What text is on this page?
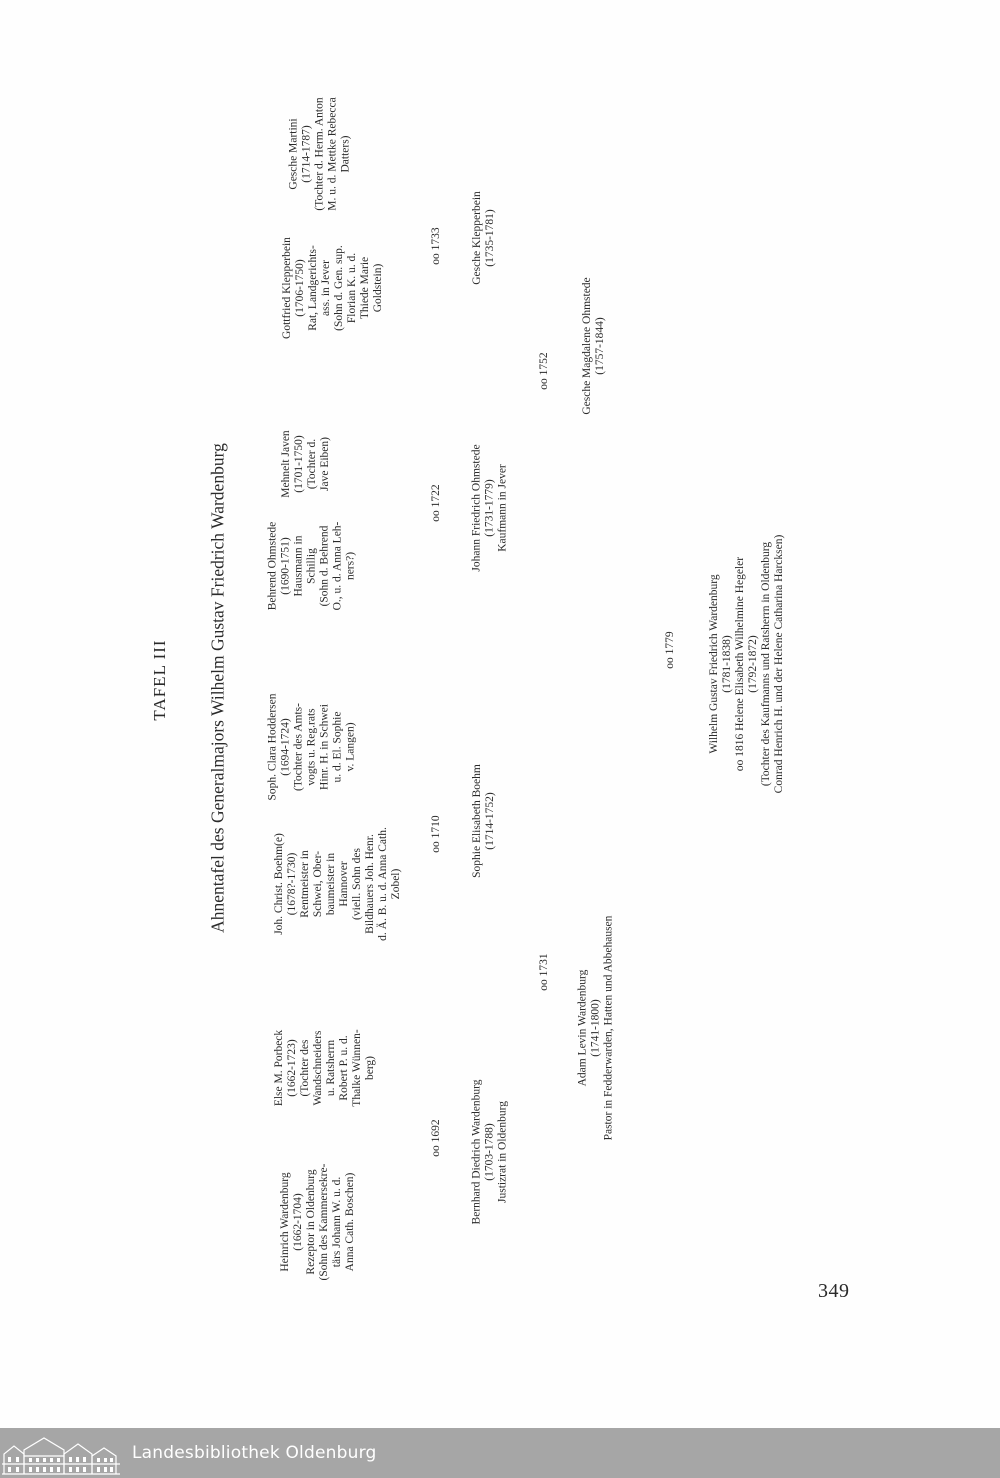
TAFEL III Ahnentafel des Generalmajors Wilhelm Gustav Friedrich Wardenburg
Heinrich Wardenburg (1662-1704) Rezeptor in Oldenburg (Sohn des Kammersekre- tärs Johann W. u. d. Anna Cath. Boschen)
Else M. Porbeck (1662-1723) (Tochter des Wandschneiders u. Ratsherrn Robert P. u. d. Thalke Wünnen- berg)
Joh. Christ. Boehm(e) (1678?-1730) Rentmeister in Schwei, Ober- baumeister in Hannover (viell. Sohn des Bildhauers Joh. Henr. d. Ä. B. u. d. Anna Cath. Zobel)
Soph. Clara Hoddersen (1694-1724) (Tochter des Amts- vogts u. Reg.rats Hinr. H. in Schwei u. d. El. Sophie v. Langen)
Behrend Ohmstede (1690-1751) Hausmann in Schillig (Sohn d. Behrend O., u. d. Anna Leh- ners?)
Mehnelt Javen (1701-1750) (Tochter d. Jave Eiben)
Gottfried Klepperbein (1706-1750) Rat, Landgerichts- ass. in Jever (Sohn d. Gen. sup. Florian K. u. d. Thiede Marie Goldstein)
Gesche Martini (1714-1787) (Tochter d. Herm. Anton M. u. d. Mettke Rebecca Datters)
oo 1692
oo 1710
oo 1722
oo 1733
Bernhard Diedrich Wardenburg (1703-1788) Justizrat in Oldenburg
Sophie Elisabeth Boehm (1714-1752)
Johann Friedrich Ohmstede (1731-1779) Kaufmann in Jever
Gesche Klepperbein (1735-1781)
oo 1731
oo 1752
Adam Levin Wardenburg (1741-1800) Pastor in Fedderwarden, Hatten und Abbehausen
Gesche Magdalene Ohmstede (1757-1844)
oo 1779	Wilhelm Gustav Friedrich Wardenburg (1781-1838) oo 1816 Helene Elisabeth Wilhelmine Hegeler (1792-1872) (Tochter des Kaufmanns und Ratsherrn in Oldenburg Conrad Henrich H. und der Helene Catharina Harcksen)
349
Landesbibliothek Oldenburg
